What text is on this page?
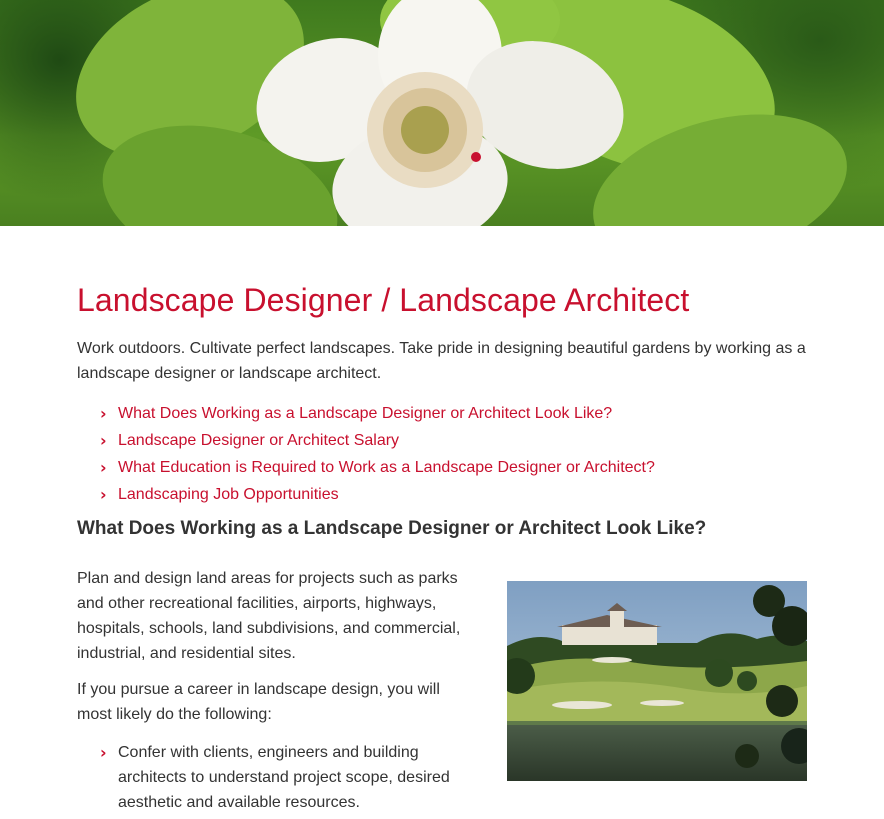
Landscape Designer / Landscape Architect

Work outdoors. Cultivate perfect landscapes. Take pride in designing beautiful gardens by working as a landscape designer or landscape architect.

› What Does Working as a Landscape Designer or Architect Look Like?
› Landscape Designer or Architect Salary
› What Education is Required to Work as a Landscape Designer or Architect?
› Landscaping Job Opportunities
What Does Working as a Landscape Designer or Architect Look Like?

Plan and design land areas for projects such as parks and other recreational facilities, airports, highways, hospitals, schools, land subdivisions, and commercial, industrial, and residential sites.

If you pursue a career in landscape design, you will most likely do the following:

› Confer with clients, engineers and building architects to understand project scope, desired aesthetic and available resources.
